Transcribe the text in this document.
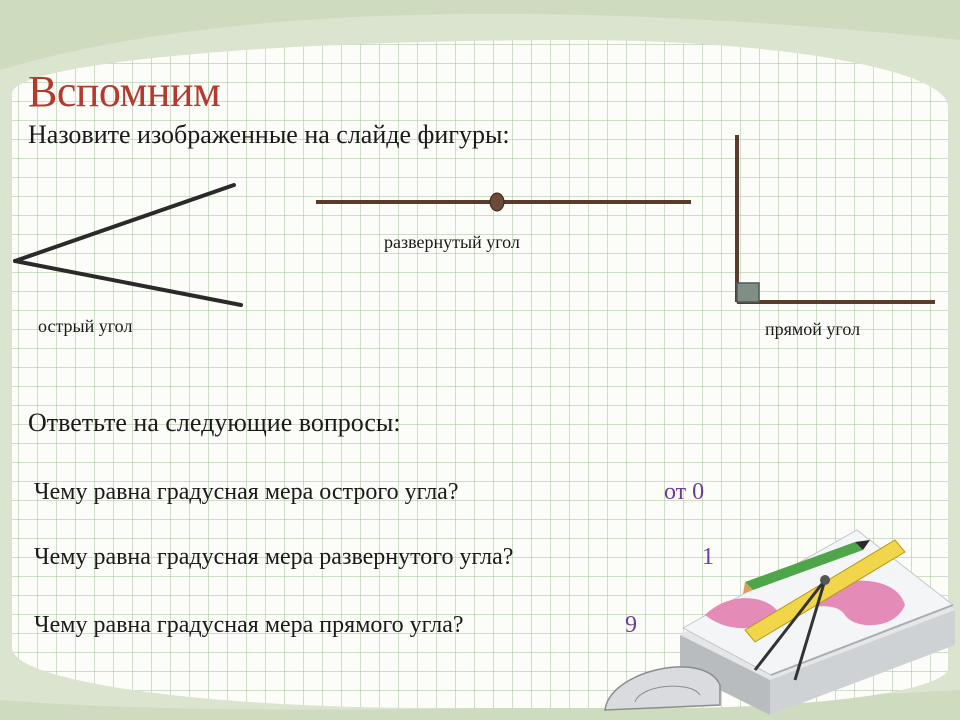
Вспомним
Назовите изображенные на слайде фигуры:
острый угол
развернутый угол
прямой угол
Ответьте на следующие вопросы:
Чему равна градусная мера острого угла?	от 0
Чему равна градусная мера развернутого угла?	1
Чему равна градусная мера прямого угла?	9
